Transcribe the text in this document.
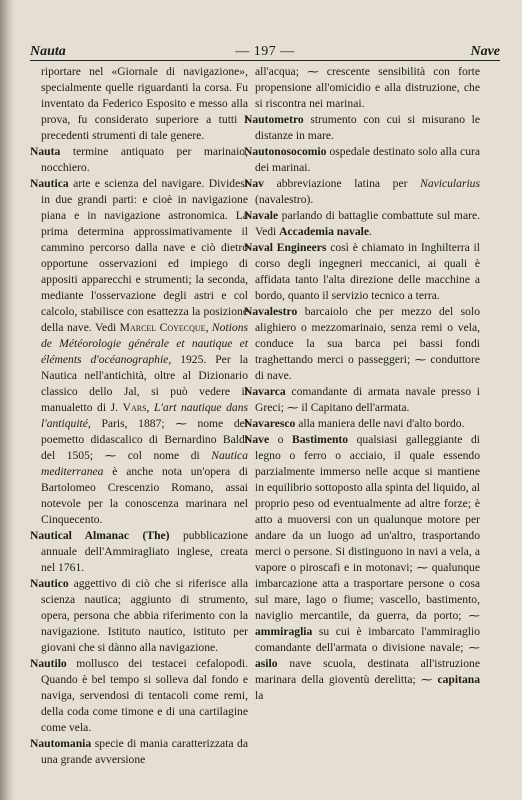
Nauta	— 197 —	Nave

riportare nel «Giornale di navigazione», specialmente quelle riguardanti la corsa. Fu inventato da Federico Esposito e messo alla prova, fu considerato superiore a tutti i precedenti strumenti di tale genere.

Nauta termine antiquato per marinaio, nocchiero.

Nautica arte e scienza del navigare. Dividesi in due grandi parti: e cioè in navigazione piana e in navigazione astronomica. La prima determina approssimativamente il cammino percorso dalla nave e ciò dietro opportune osservazioni ed impiego di appositi apparecchi e strumenti; la seconda, mediante l'osservazione degli astri e col calcolo, stabilisce con esattezza la posizione della nave. Vedi Marcel Coyecque, Notions de Météorologie générale et nautique et éléments d'océanographie, 1925. Per la Nautica nell'antichità, oltre al Dizionario classico dello Jal, si può vedere il manualetto di J. Vars, L'art nautique dans l'antiquité, Paris, 1887; ⁓ nome del poemetto didascalico di Bernardino Baldi del 1505; ⁓ col nome di Nautica mediterranea è anche nota un'opera di Bartolomeo Crescenzio Romano, assai notevole per la conoscenza marinara nel Cinquecento.

Nautical Almanac (The) pubblicazione annuale dell'Ammiragliato inglese, creata nel 1761.

Nautico aggettivo di ciò che si riferisce alla scienza nautica; aggiunto di strumento, opera, persona che abbia riferimento con la navigazione. Istituto nautico, istituto per giovani che si dànno alla navigazione.

Nautilo mollusco dei testacei cefalopodi. Quando è bel tempo si solleva dal fondo e naviga, servendosi di tentacoli come remi, della coda come timone e di una cartilagine come vela.

Nautomania specie di mania caratterizzata da una grande avversione

all'acqua; ⁓ crescente sensibilità con forte propensione all'omicidio e alla distruzione, che si riscontra nei marinai.

Nautometro strumento con cui si misurano le distanze in mare.

Nautonosocomio ospedale destinato solo alla cura dei marinai.

Nav abbreviazione latina per Navicularius (navalestro).

Navale parlando di battaglie combattute sul mare. Vedi Accademia navale.

Naval Engineers così è chiamato in Inghilterra il corso degli ingegneri meccanici, ai quali è affidata tanto l'alta direzione delle macchine a bordo, quanto il servizio tecnico a terra.

Navalestro barcaiolo che per mezzo del solo alighiero o mezzomarinaio, senza remi o vela, conduce la sua barca pei bassi fondi traghettando merci o passeggeri; ⁓ conduttore di nave.

Navarca comandante di armata navale presso i Greci; ⁓ il Capitano dell'armata.

Navaresco alla maniera delle navi d'alto bordo.

Nave o Bastimento qualsiasi galleggiante di legno o ferro o acciaio, il quale essendo parzialmente immerso nelle acque si mantiene in equilibrio sottoposto alla spinta del liquido, al proprio peso od eventualmente ad altre forze; è atto a muoversi con un qualunque motore per andare da un luogo ad un'altro, trasportando merci o persone. Si distinguono in navi a vela, a vapore o piroscafi e in motonavi; ⁓ qualunque imbarcazione atta a trasportare persone o cosa sul mare, lago o fiume; vascello, bastimento, naviglio mercantile, da guerra, da porto; ⁓ ammiraglia su cui è imbarcato l'ammiraglio comandante dell'armata o divisione navale; ⁓ asilo nave scuola, destinata all'istruzione marinara della gioventù derelitta; ⁓ capitana la
